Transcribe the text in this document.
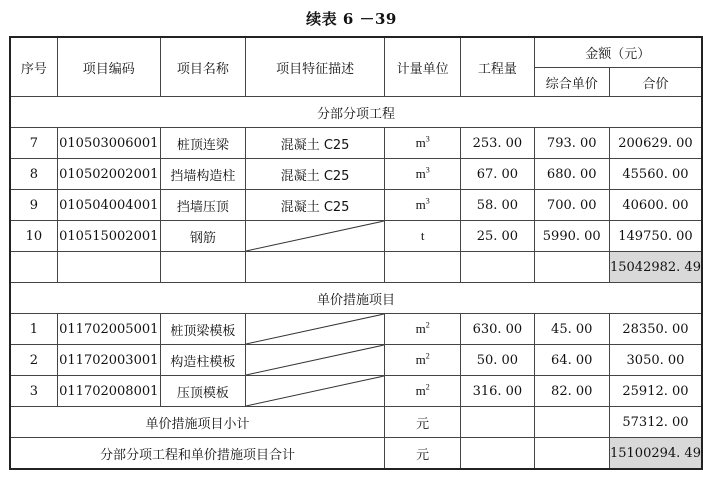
续表 6 －39
序号	项目编码	项目名称	项目特征描述	计量单位	工程量	金额（元）	
						综合单价	合价
分部分项工程							
7	010503006001	桩顶连梁	混凝土 C25	$m^3$	253. 00	793. 00	200629. 00
8	010502002001	挡墙构造柱	混凝土 C25	$m^3$	67. 00	680. 00	45560. 00
9	010504004001	挡墙压顶	混凝土 C25	$m^3$	58. 00	700. 00	40600. 00
10	010515002001	钢筋		t	25. 00	5990. 00	149750. 00
							15042982. 49
单价措施项目							
1	011702005001	桩顶梁模板		$m^2$	630. 00	45. 00	28350. 00
2	011702003001	构造柱模板		$m^2$	50. 00	64. 00	3050. 00
3	011702008001	压顶模板		$m^2$	316. 00	82. 00	25912. 00
单价措施项目小计				元			57312. 00
分部分项工程和单价措施项目合计				元			15100294. 49
